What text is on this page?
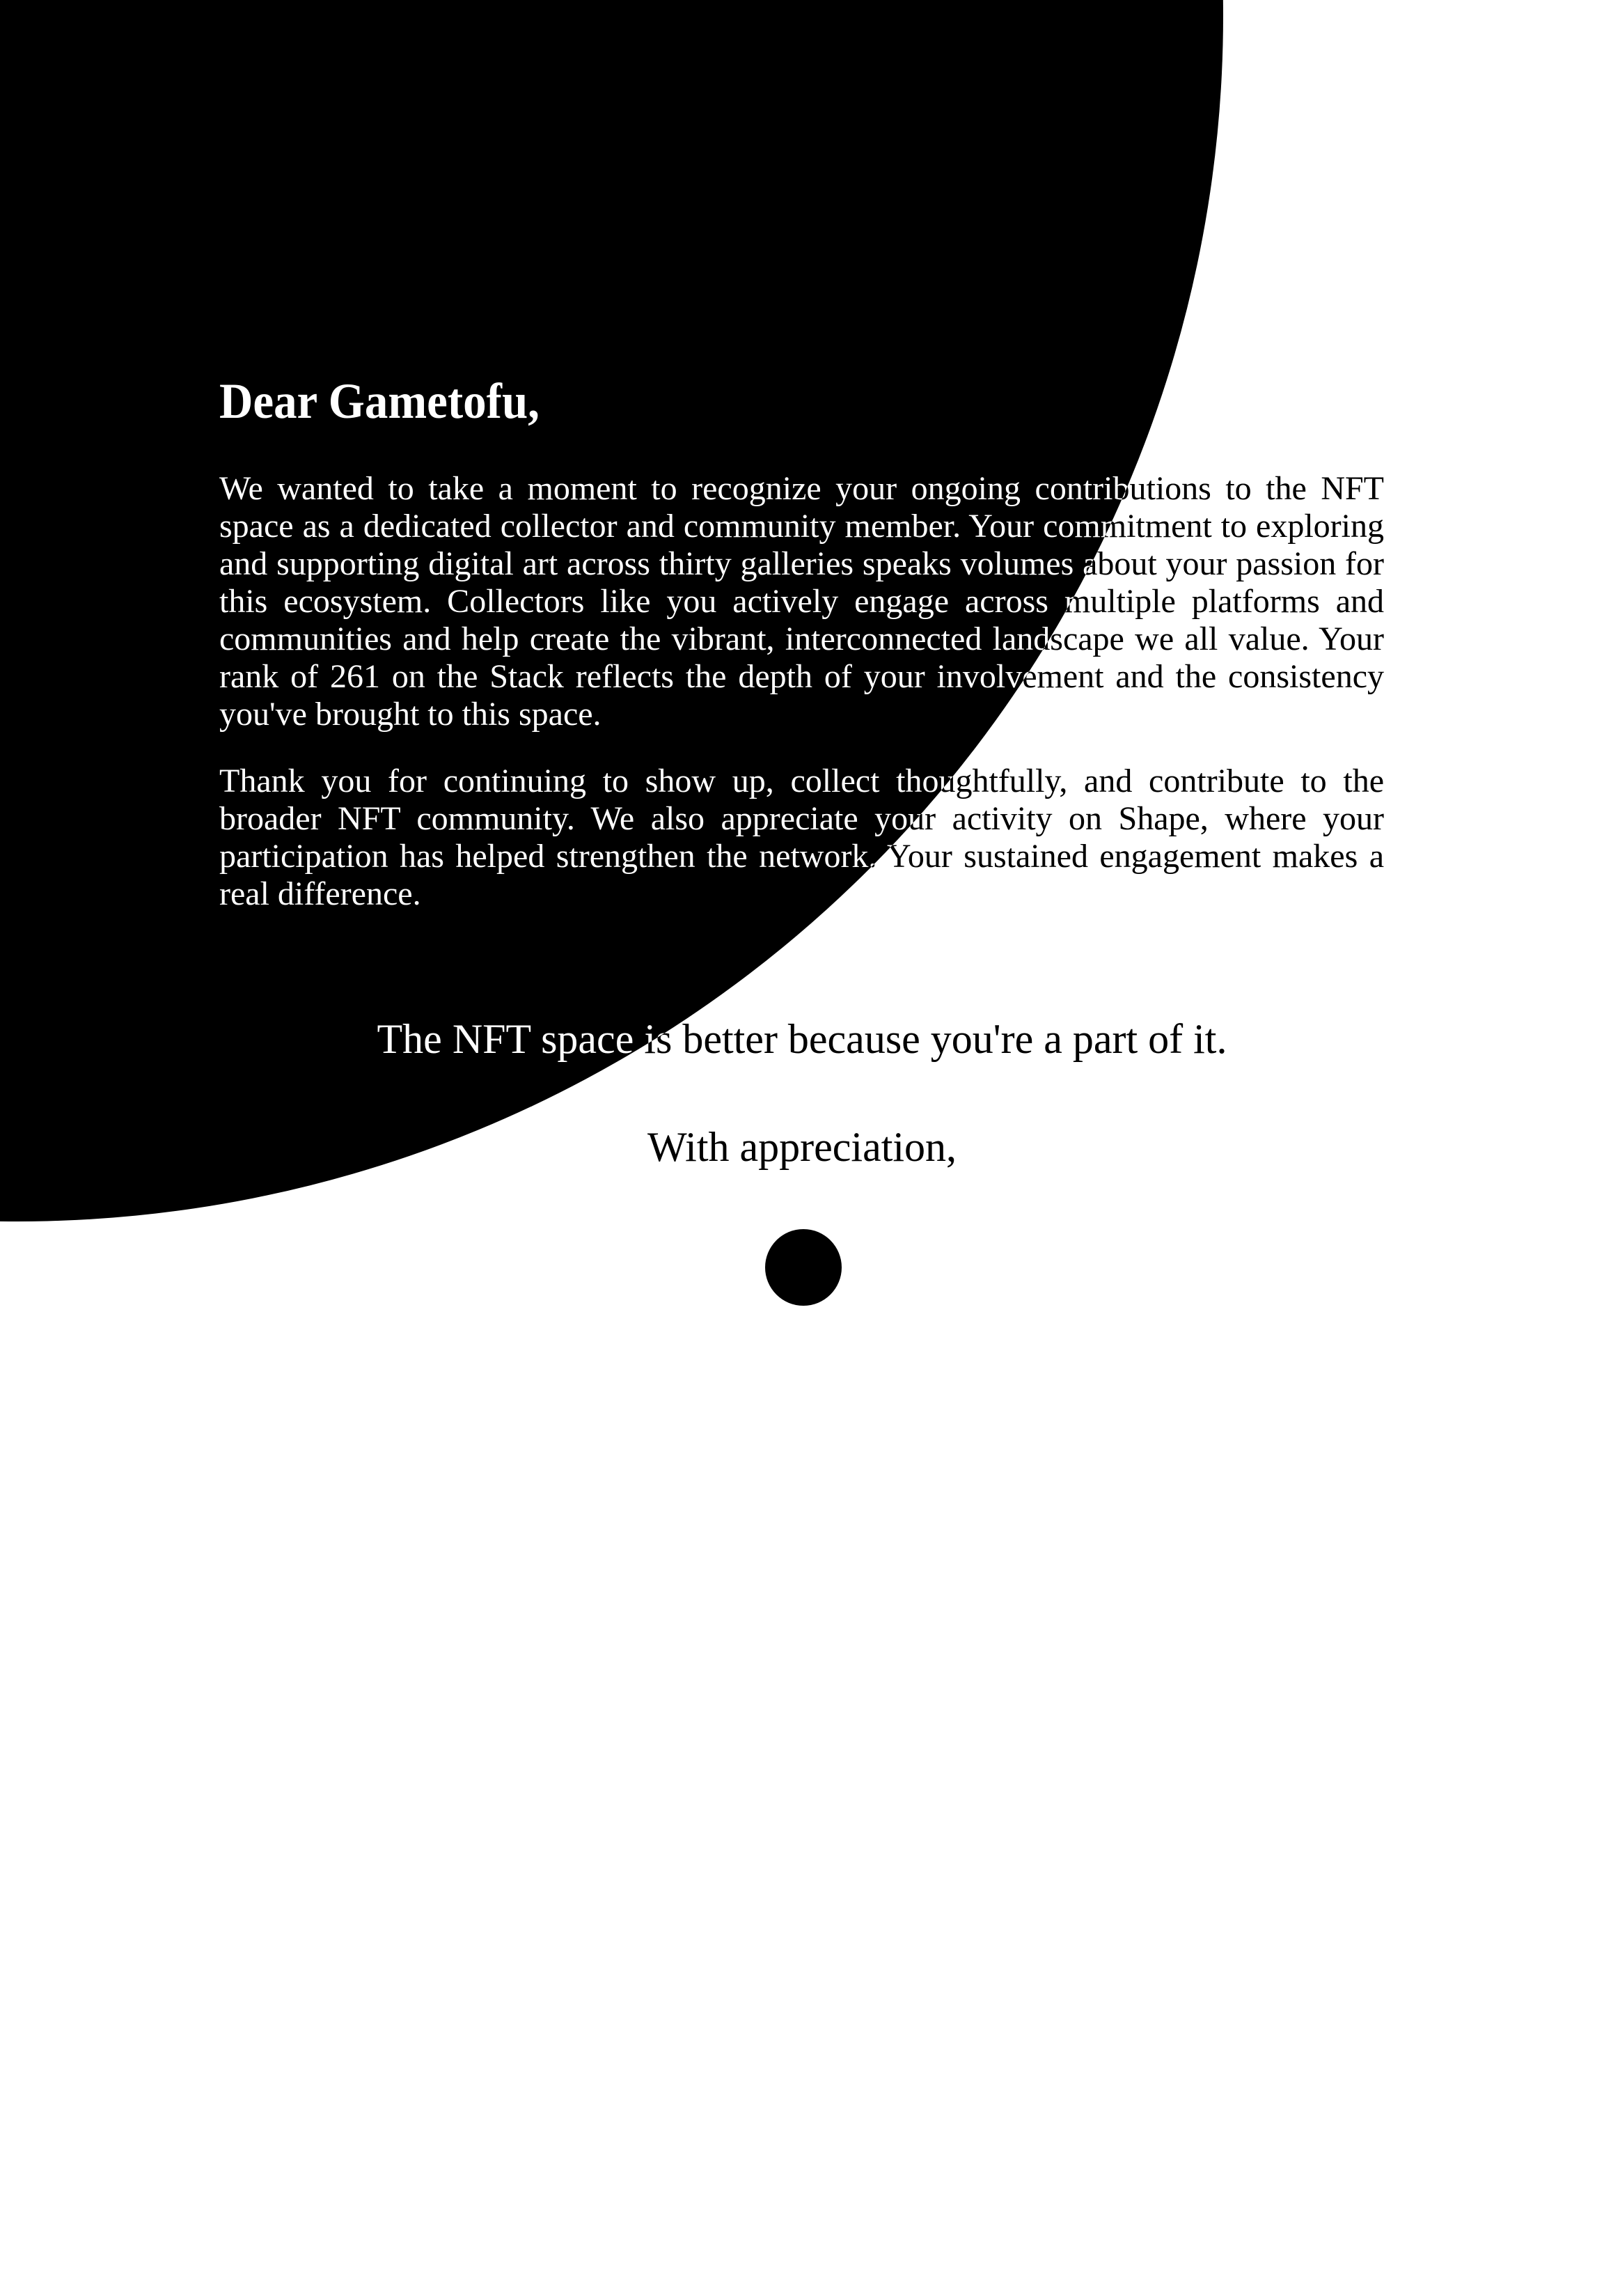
Dear Gametofu,

We wanted to take a moment to recognize your ongoing contributions to the NFT space as a dedicated collector and community member. Your commitment to exploring and supporting digital art across thirty galleries speaks volumes about your passion for this ecosystem. Collectors like you actively engage across multiple platforms and communities and help create the vibrant, interconnected landscape we all value. Your rank of 261 on the Stack reflects the depth of your involvement and the consistency you've brought to this space.

Thank you for continuing to show up, collect thoughtfully, and contribute to the broader NFT community. We also appreciate your activity on Shape, where your participation has helped strengthen the network. Your sustained engagement makes a real difference.

The NFT space is better because you're a part of it.
With appreciation,
